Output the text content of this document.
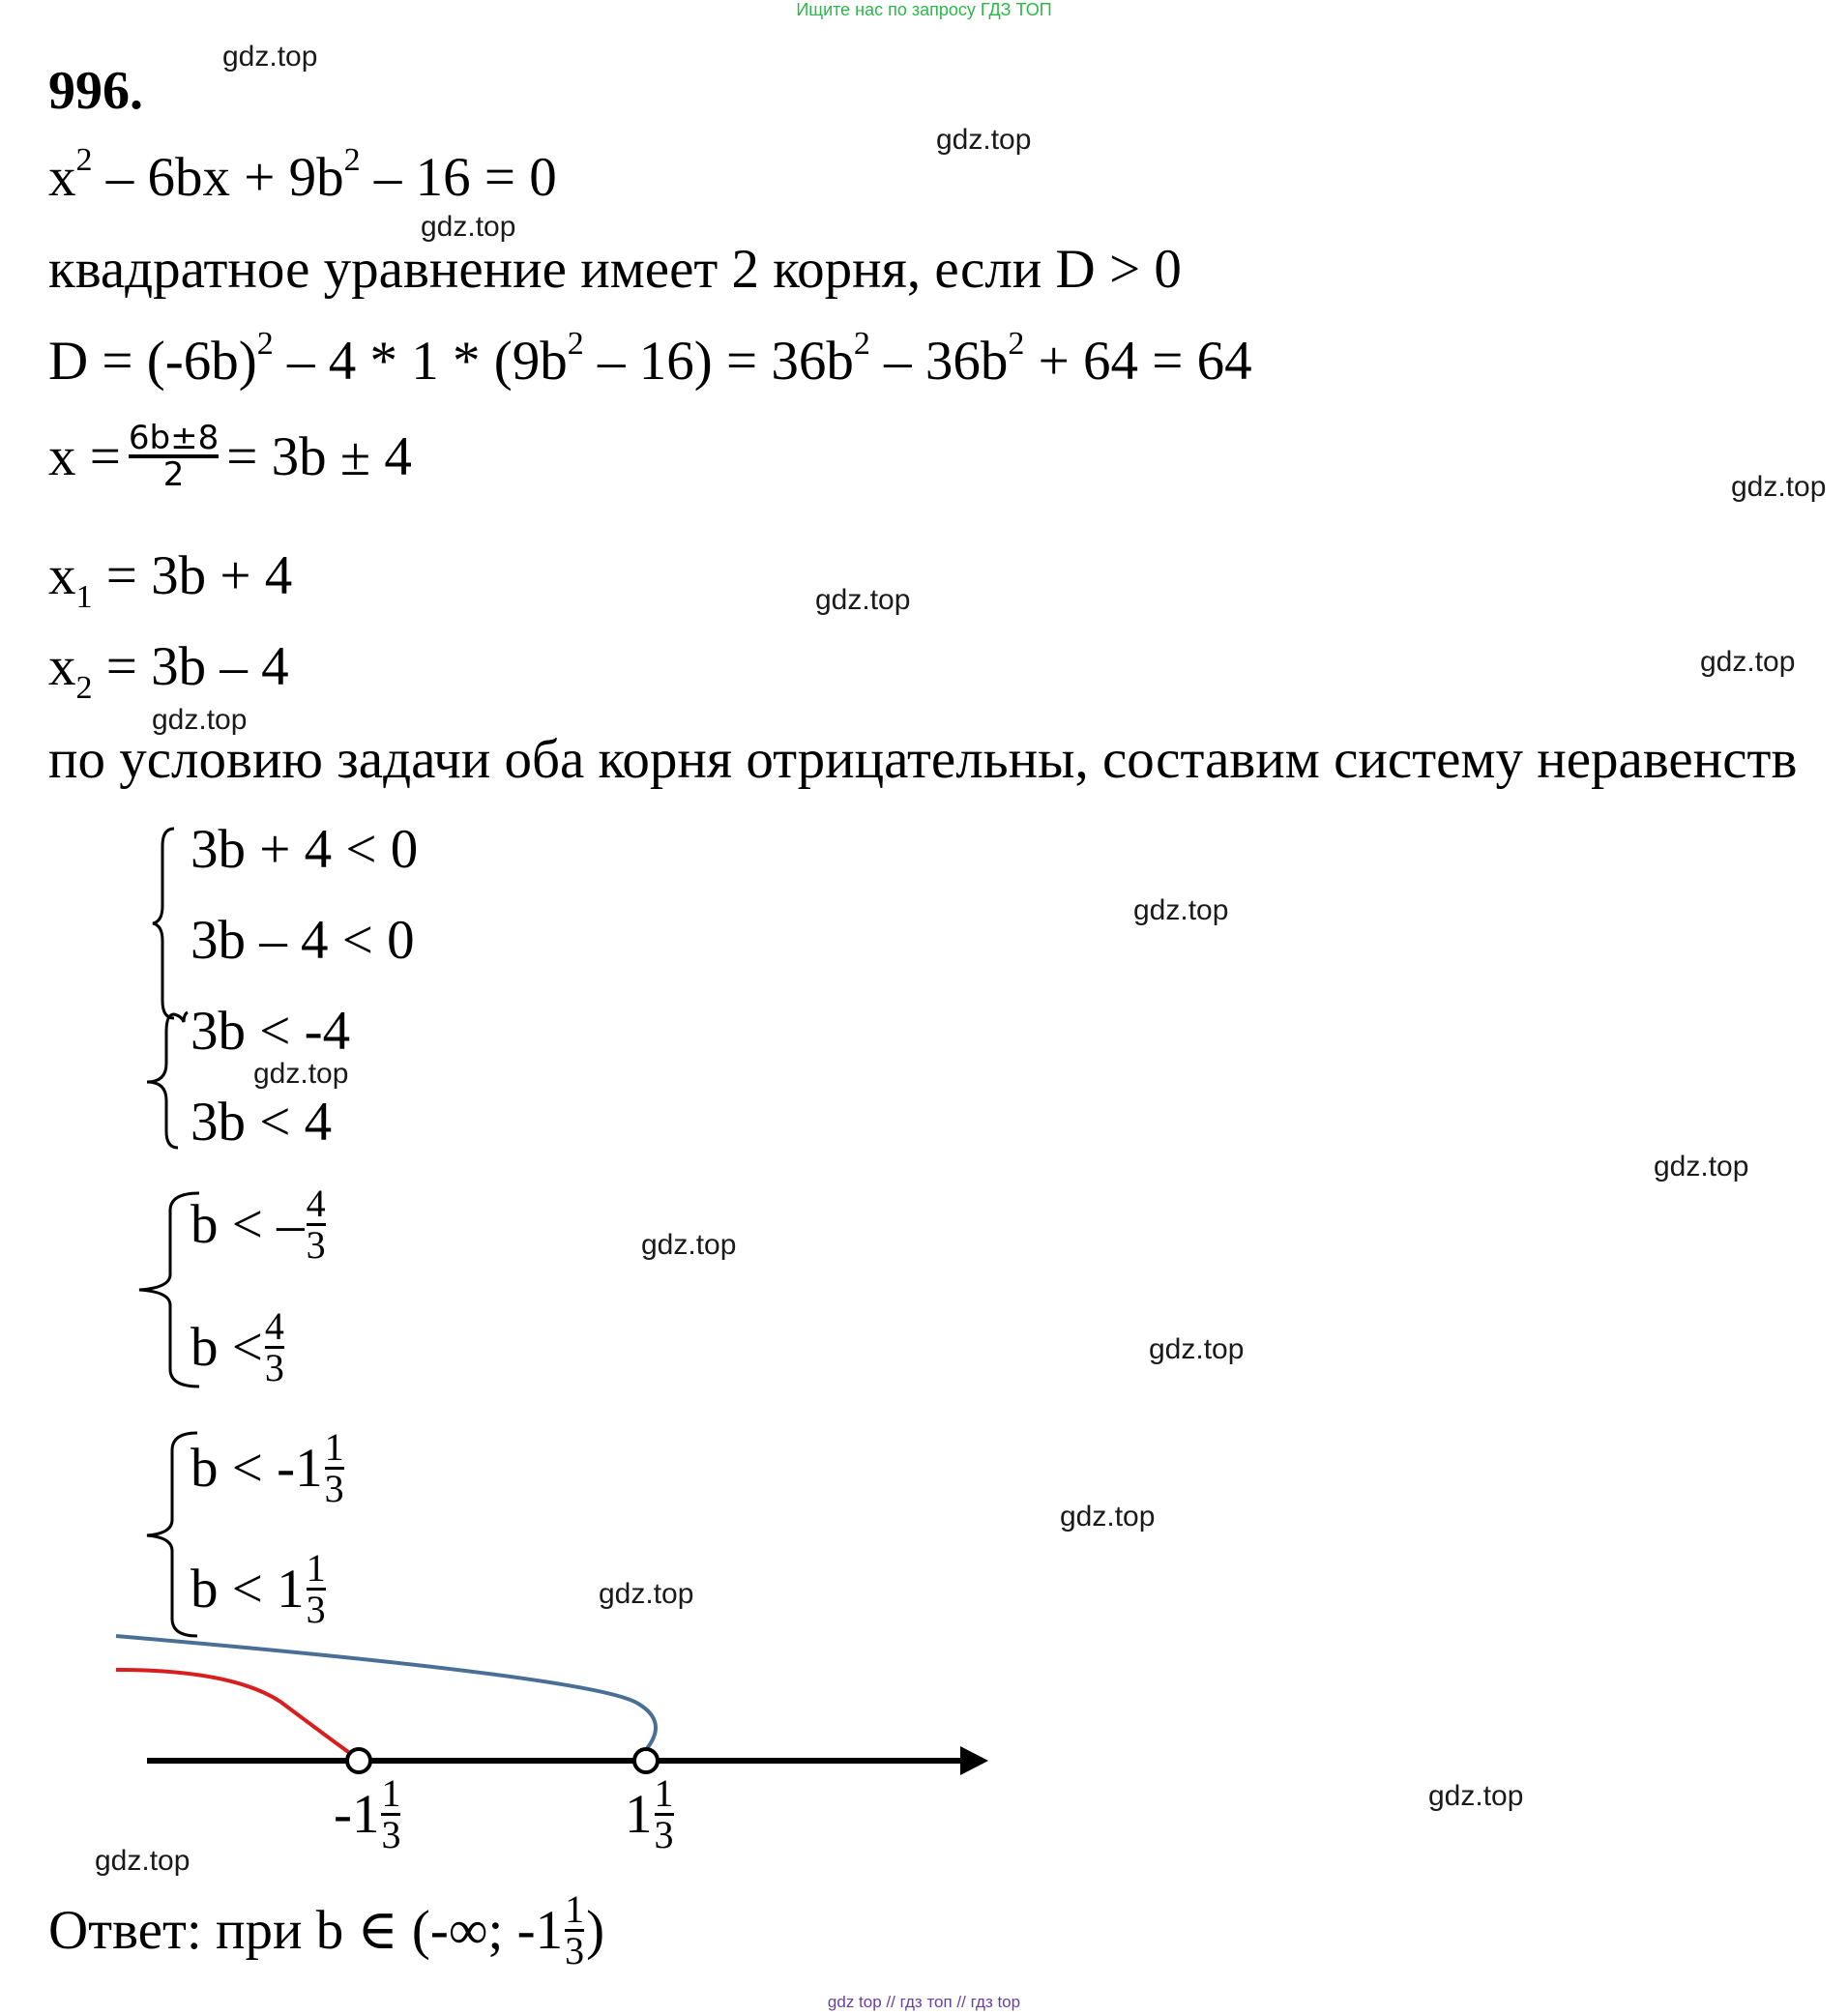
Ищите нас по запросу ГДЗ ТОП
996.
gdz.top
gdz.top
gdz.top
gdz.top
gdz.top
gdz.top
gdz.top
gdz.top
gdz.top
gdz.top
gdz.top
gdz.top
gdz.top
gdz.top
gdz.top
gdz.top
$x^2 - 6bx + 9b^2 - 16 = 0$
квадратное уравнение имеет 2 корня, если D > 0
$D = (-6b)^2 - 4 * 1 * (9b^2 - 16) = 36b^2 - 36b^2 + 64 = 64$
$x = \frac{6b\pm 8}{2} = 3b \pm 4$
$x_1 = 3b + 4$
$x_2 = 3b - 4$
по условию задачи оба корня отрицательны, составим систему неравенств
3b + 4 < 0
3b – 4 < 0
3b < -4
3b < 4
b < – $\frac{4}{3}$
$b < \frac{4}{3}$
$b < -1 \frac{1}{3}$
$b < 1 \frac{1}{3}$
$-1 \frac{1}{3}$	$1 \frac{1}{3}$
Ответ: при b ∈ (-∞; $-1 \frac{1}{3}$ )
gdz top // гдз топ // гдз top
